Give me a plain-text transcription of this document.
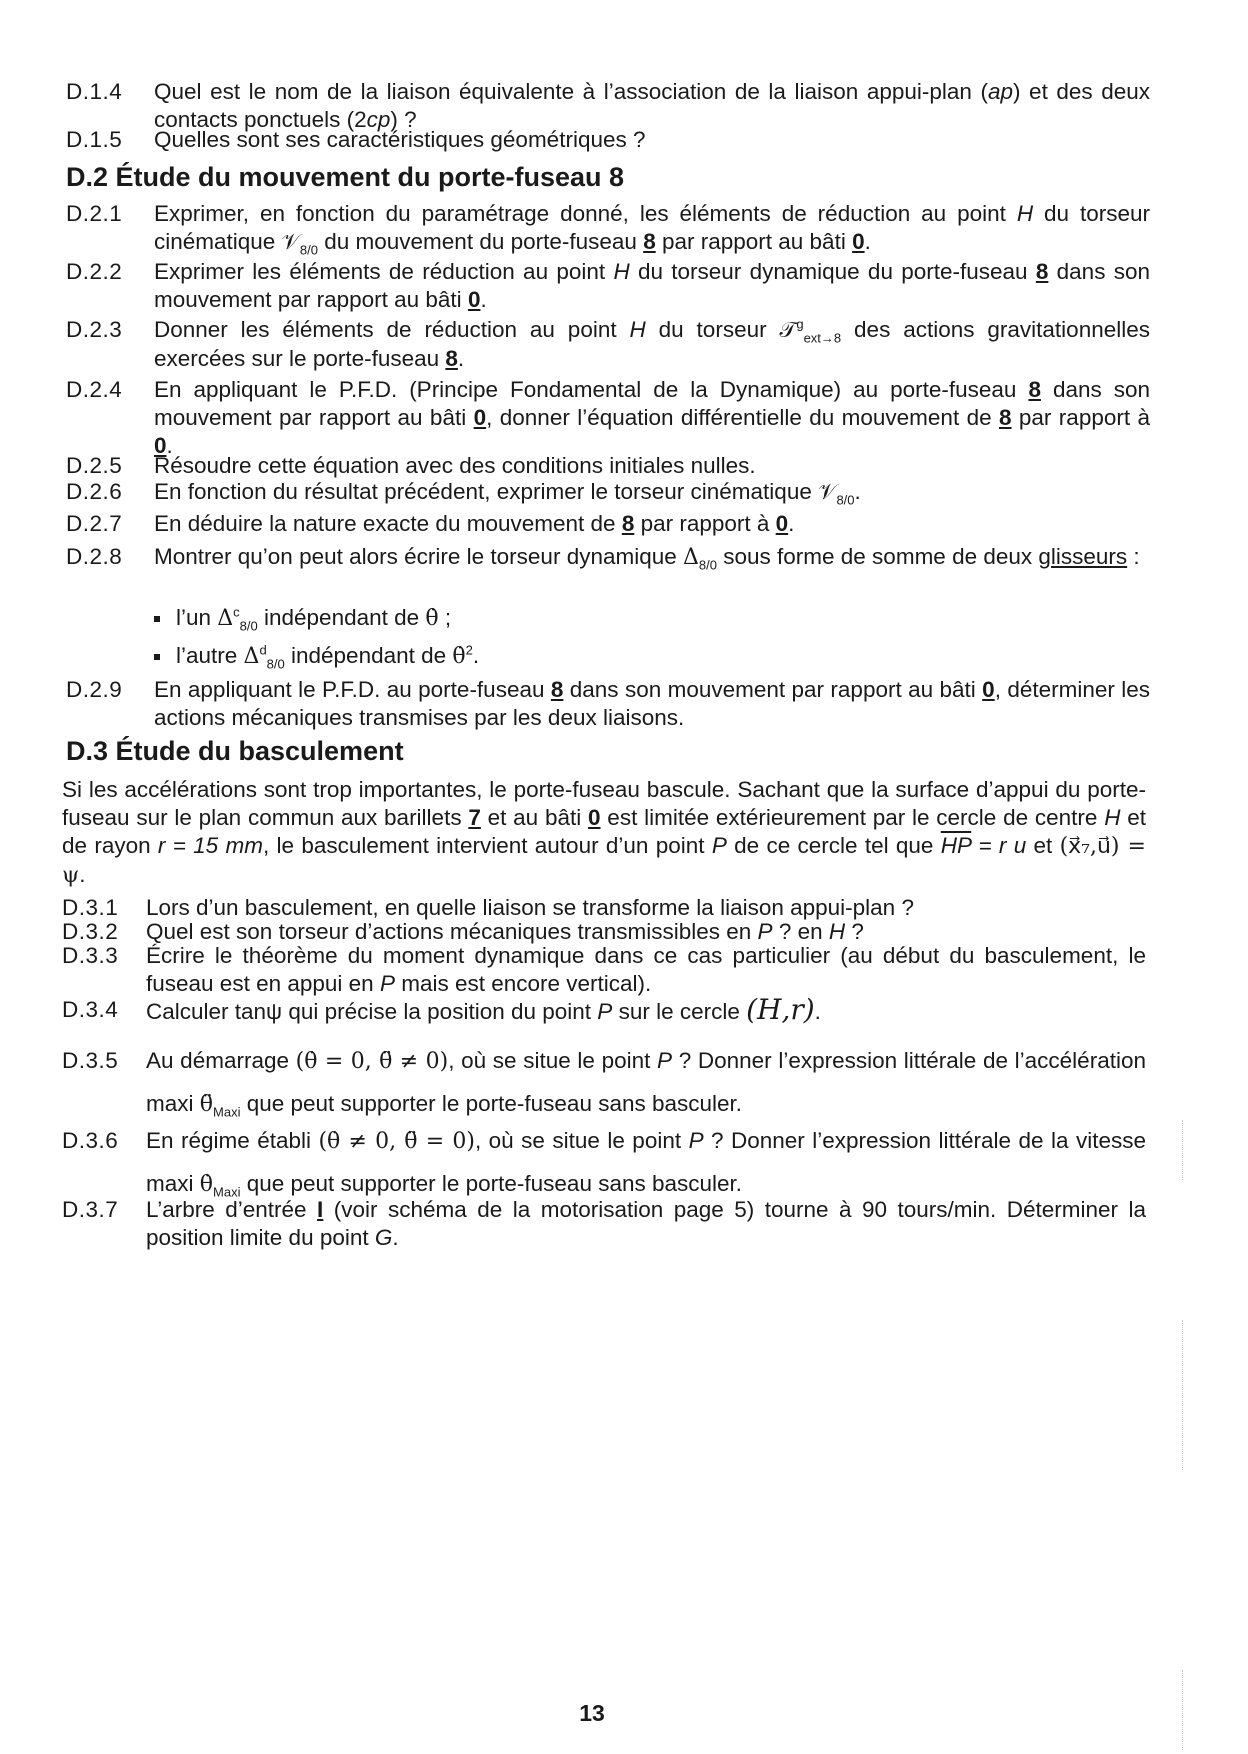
D.1.4	Quel est le nom de la liaison équivalente à l’association de la liaison appui-plan (ap) et des deux contacts ponctuels (2cp) ?
D.1.5	Quelles sont ses caractéristiques géométriques ?
D.2 Étude du mouvement du porte-fuseau 8
D.2.1	Exprimer, en fonction du paramétrage donné, les éléments de réduction au point H du torseur cinématique 𝒱$_{8/0}$ du mouvement du porte-fuseau 8 par rapport au bâti 0.
D.2.2	Exprimer les éléments de réduction au point H du torseur dynamique du porte-fuseau 8 dans son mouvement par rapport au bâti 0.
D.2.3	Donner les éléments de réduction au point H du torseur 𝒯$^g_{ext\to 8}$ des actions gravitationnelles exercées sur le porte-fuseau 8.
D.2.4	En appliquant le P.F.D. (Principe Fondamental de la Dynamique) au porte-fuseau 8 dans son mouvement par rapport au bâti 0, donner l’équation différentielle du mouvement de 8 par rapport à 0.
D.2.5	Résoudre cette équation avec des conditions initiales nulles.
D.2.6	En fonction du résultat précédent, exprimer le torseur cinématique 𝒱$_{8/0}$.
D.2.7	En déduire la nature exacte du mouvement de 8 par rapport à 0.
D.2.8	Montrer qu’on peut alors écrire le torseur dynamique $\Delta_{8/0}$ sous forme de somme de deux glisseurs :
l’un $\Delta^c_{8/0}$ indépendant de θ̇ ;
l’autre $\Delta^d_{8/0}$ indépendant de θ̇$^2$.
D.2.9	En appliquant le P.F.D. au porte-fuseau 8 dans son mouvement par rapport au bâti 0, déterminer les actions mécaniques transmises par les deux liaisons.
D.3 Étude du basculement
Si les accélérations sont trop importantes, le porte-fuseau bascule. Sachant que la surface d’appui du porte-fuseau sur le plan commun aux barillets 7 et au bâti 0 est limitée extérieurement par le cercle de centre H et de rayon r = 15 mm, le basculement intervient autour d’un point P de ce cercle tel que $\overline{HP} = r$ u et (x⃗₇,u⃗) = ψ.
D.3.1	Lors d’un basculement, en quelle liaison se transforme la liaison appui-plan ?
D.3.2	Quel est son torseur d’actions mécaniques transmissibles en P ? en H ?
D.3.3	Écrire le théorème du moment dynamique dans ce cas particulier (au début du basculement, le fuseau est en appui en P mais est encore vertical).
D.3.4	Calculer tanψ qui précise la position du point P sur le cercle (H,r).
D.3.5	Au démarrage (θ̇ = 0, θ̈ ≠ 0), où se situe le point P ? Donner l’expression littérale de l’accélération maxi $\thetä_{Maxi}$ que peut supporter le porte-fuseau sans basculer.
D.3.6	En régime établi (θ̇ ≠ 0, θ̈ = 0), où se situe le point P ? Donner l’expression littérale de la vitesse maxi $\thetȧ_{Maxi}$ que peut supporter le porte-fuseau sans basculer.
D.3.7	L’arbre d’entrée I (voir schéma de la motorisation page 5) tourne à 90 tours/min. Déterminer la position limite du point G.
13
